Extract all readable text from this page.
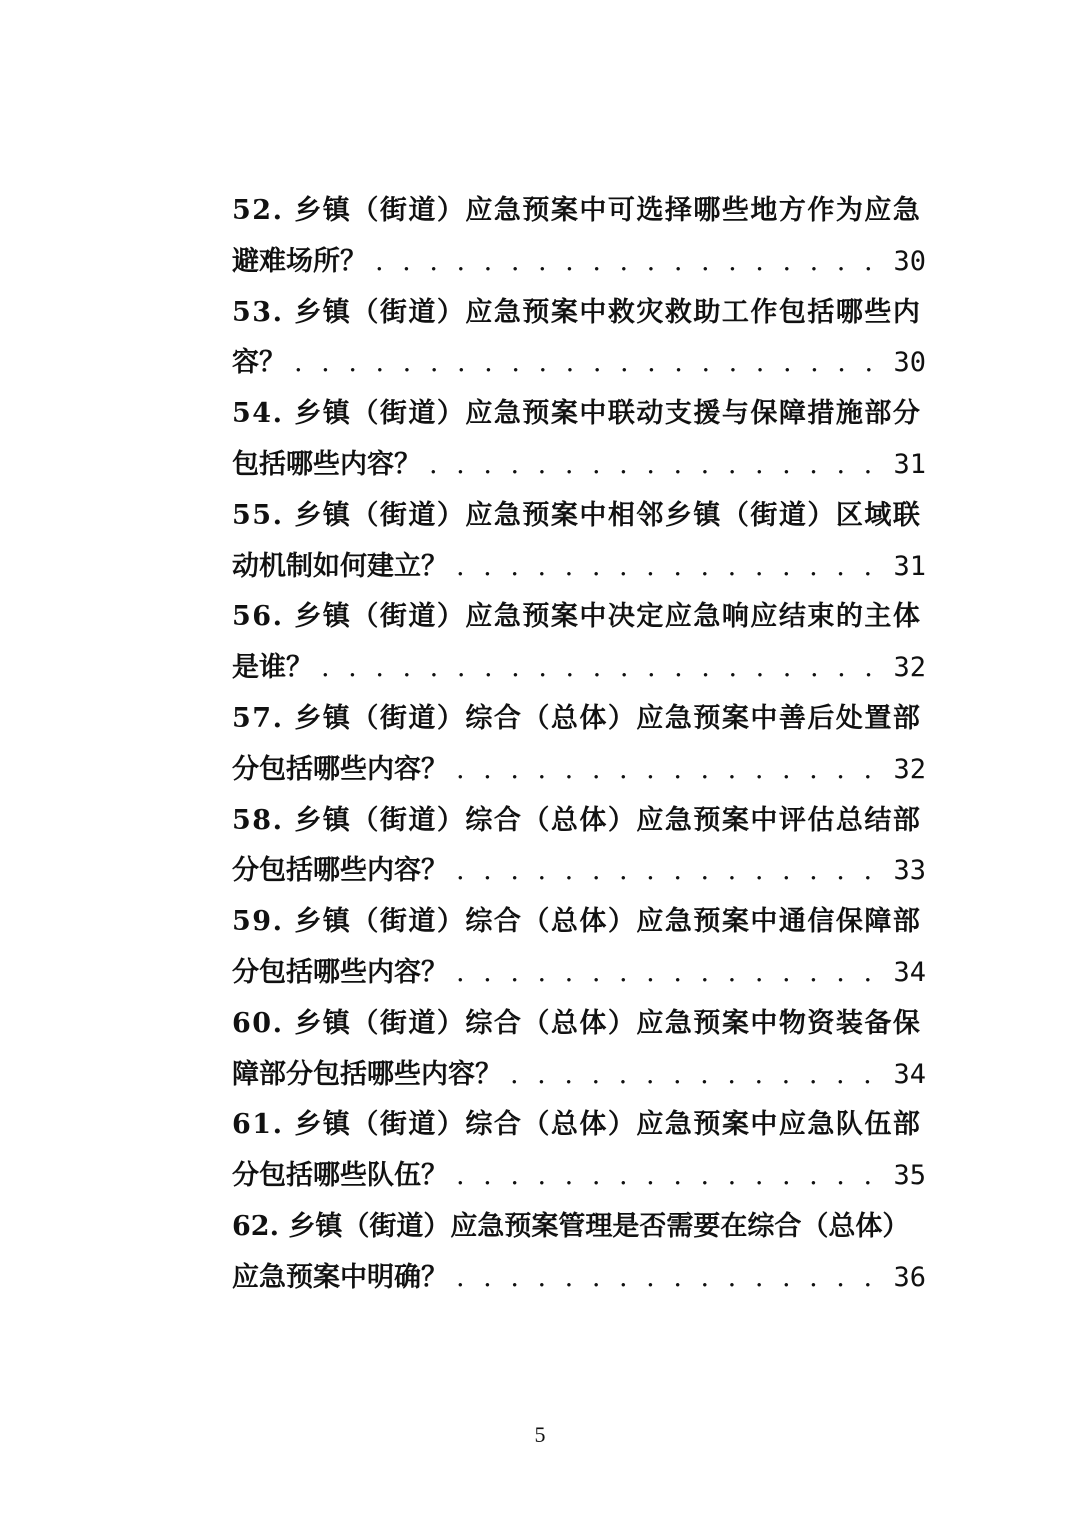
52. 乡镇（街道）应急预案中可选择哪些地方作为应急
避难场所？ . . .	30
53. 乡镇（街道）应急预案中救灾救助工作包括哪些内
容？ . . .	30
54. 乡镇（街道）应急预案中联动支援与保障措施部分
包括哪些内容？ . . .	31
55. 乡镇（街道）应急预案中相邻乡镇（街道）区域联
动机制如何建立？ . . .	31
56. 乡镇（街道）应急预案中决定应急响应结束的主体
是谁？ . . .	32
57. 乡镇（街道）综合（总体）应急预案中善后处置部
分包括哪些内容？ . . .	32
58. 乡镇（街道）综合（总体）应急预案中评估总结部
分包括哪些内容？ . . .	33
59. 乡镇（街道）综合（总体）应急预案中通信保障部
分包括哪些内容？ . . .	34
60. 乡镇（街道）综合（总体）应急预案中物资装备保
障部分包括哪些内容？ . . .	34
61. 乡镇（街道）综合（总体）应急预案中应急队伍部
分包括哪些队伍？ . . .	35
62. 乡镇（街道）应急预案管理是否需要在综合（总体）
应急预案中明确？ . . .	36
5
